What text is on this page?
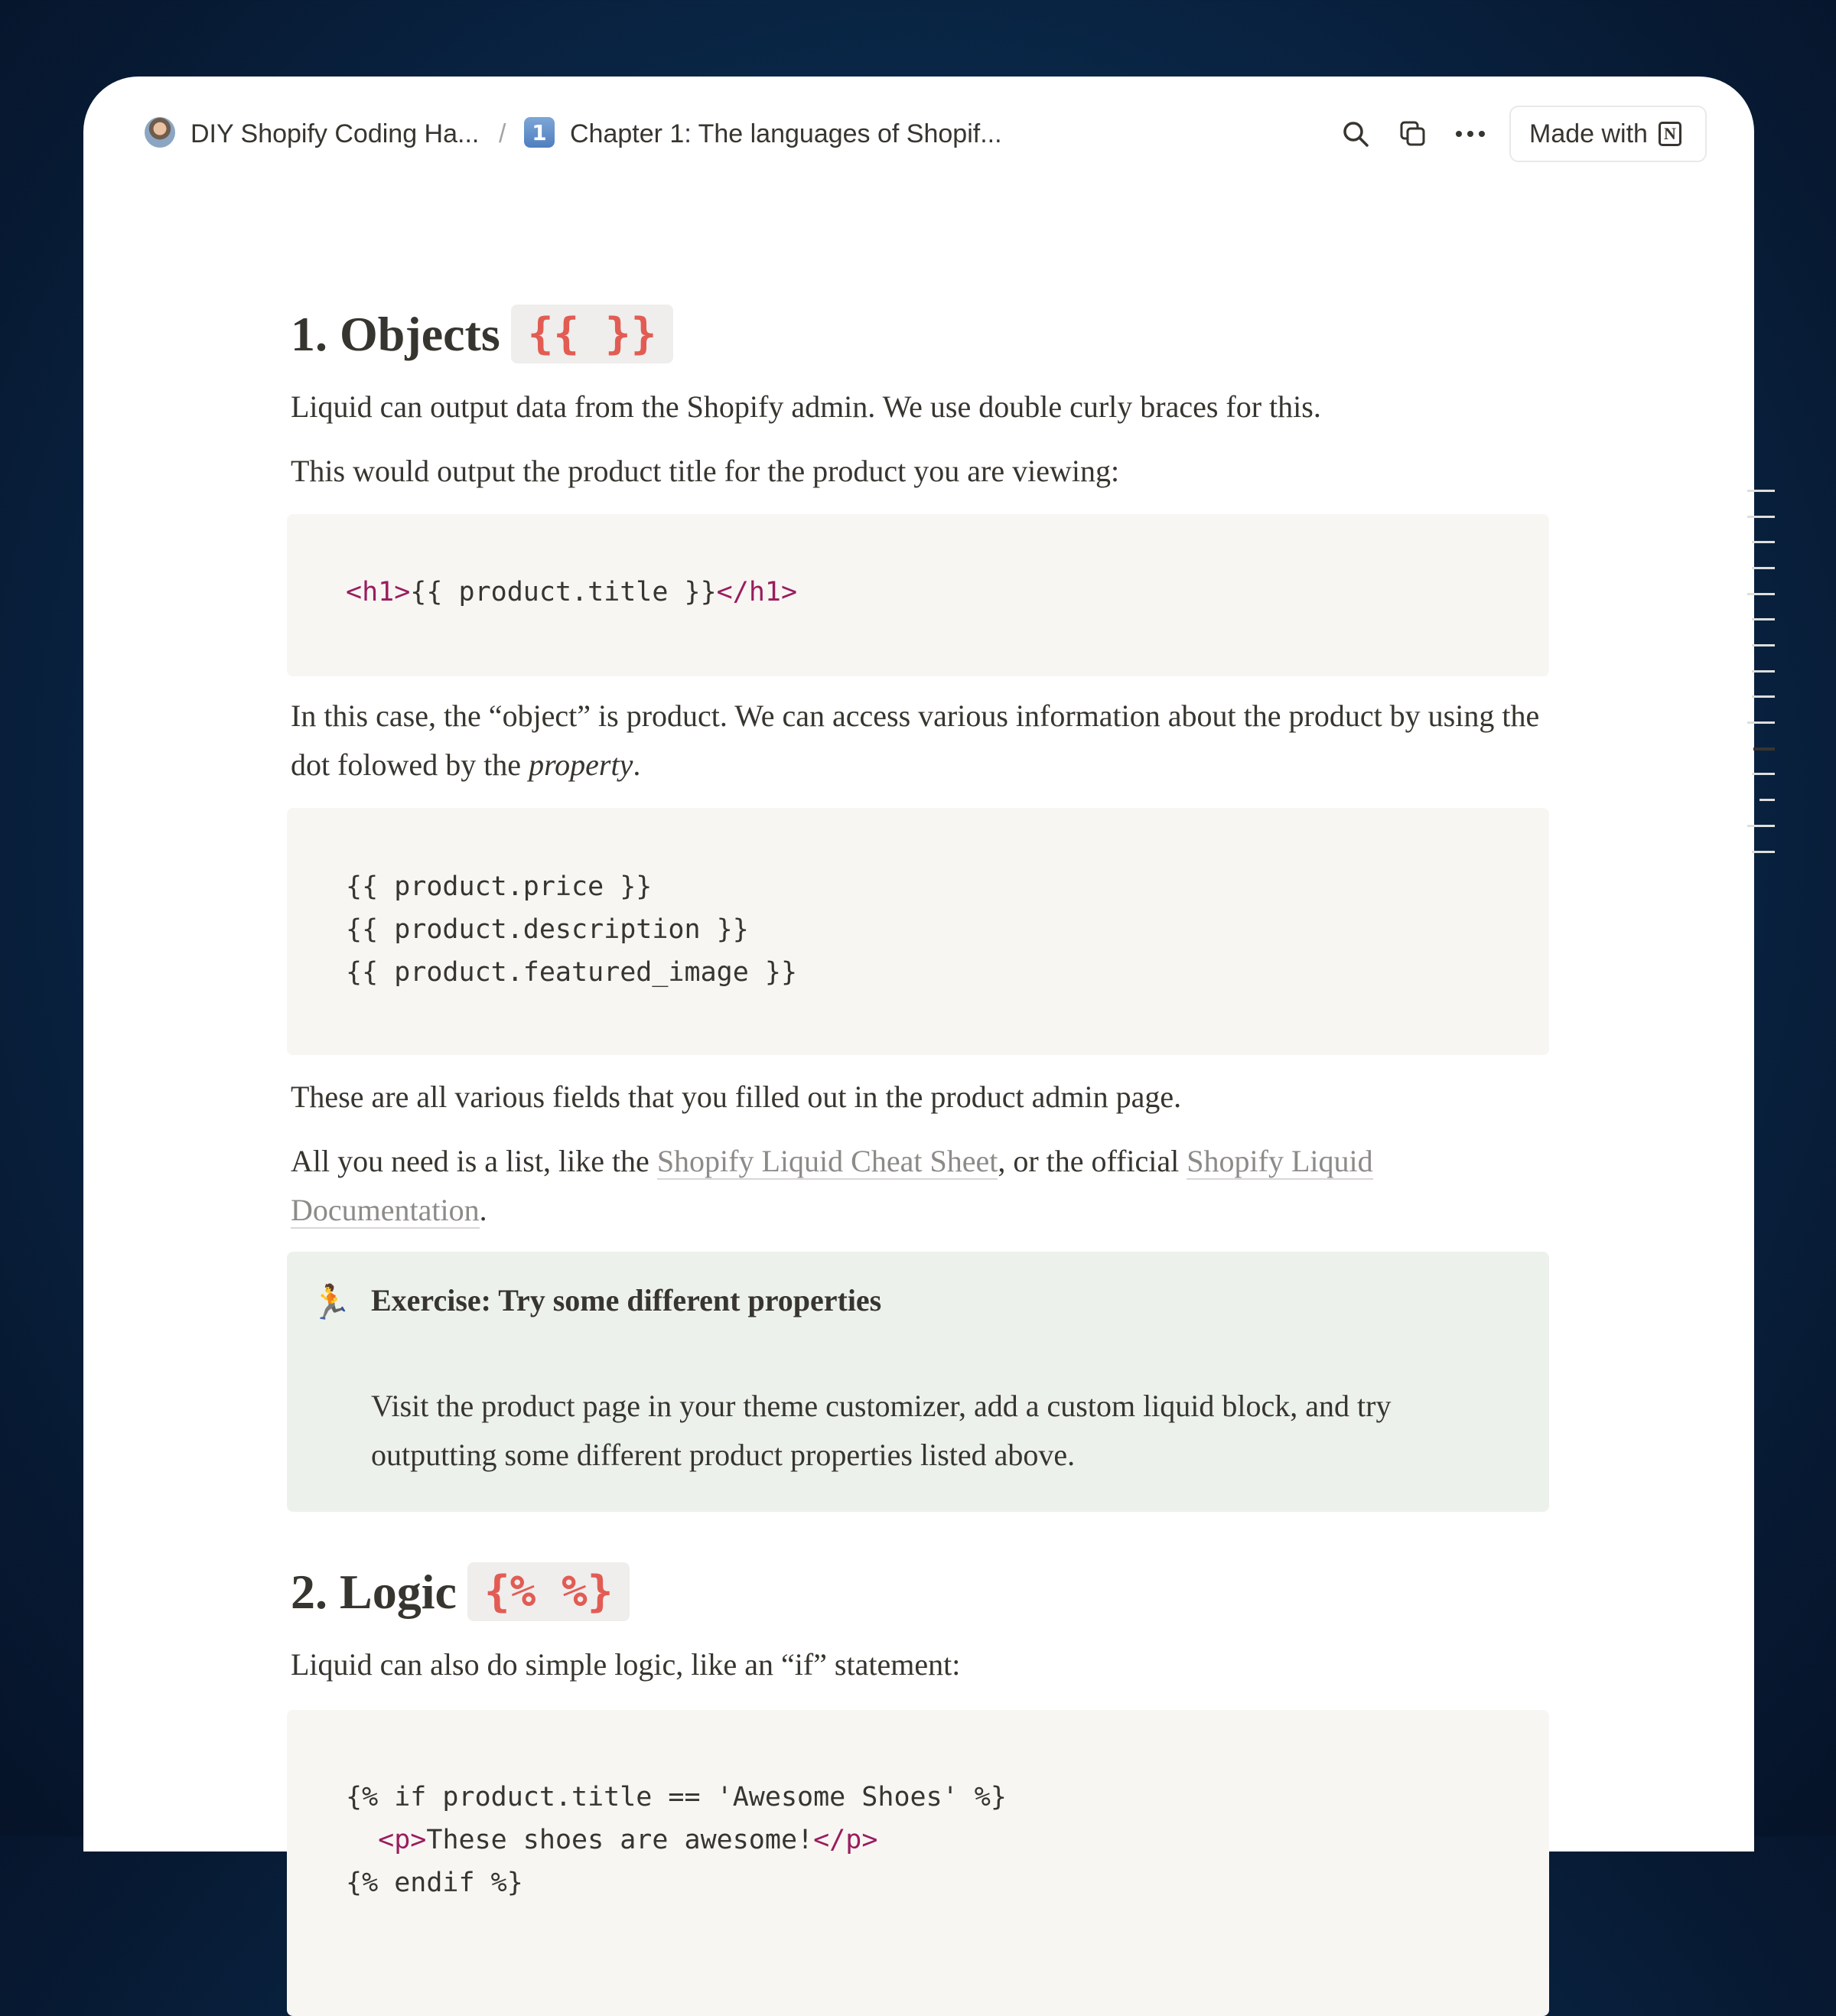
DIY Shopify Coding Ha... /	1 Chapter 1: The languages of Shopif...	Made with N
1. Objects {{ }}
Liquid can output data from the Shopify admin. We use double curly braces for this.
This would output the product title for the product you are viewing:
<h1>{{ product.title }}</h1>
In this case, the “object” is product. We can access various information about the product by using the dot folowed by the property.
{{ product.price }}
{{ product.description }}
{{ product.featured_image }}
These are all various fields that you filled out in the product admin page.
All you need is a list, like the Shopify Liquid Cheat Sheet, or the official Shopify Liquid Documentation.
🏃 Exercise: Try some different properties
Visit the product page in your theme customizer, add a custom liquid block, and try outputting some different product properties listed above.
2. Logic {% %}
Liquid can also do simple logic, like an “if” statement:
{% if product.title == 'Awesome Shoes' %}
<p>These shoes are awesome!</p>
{% endif %}
